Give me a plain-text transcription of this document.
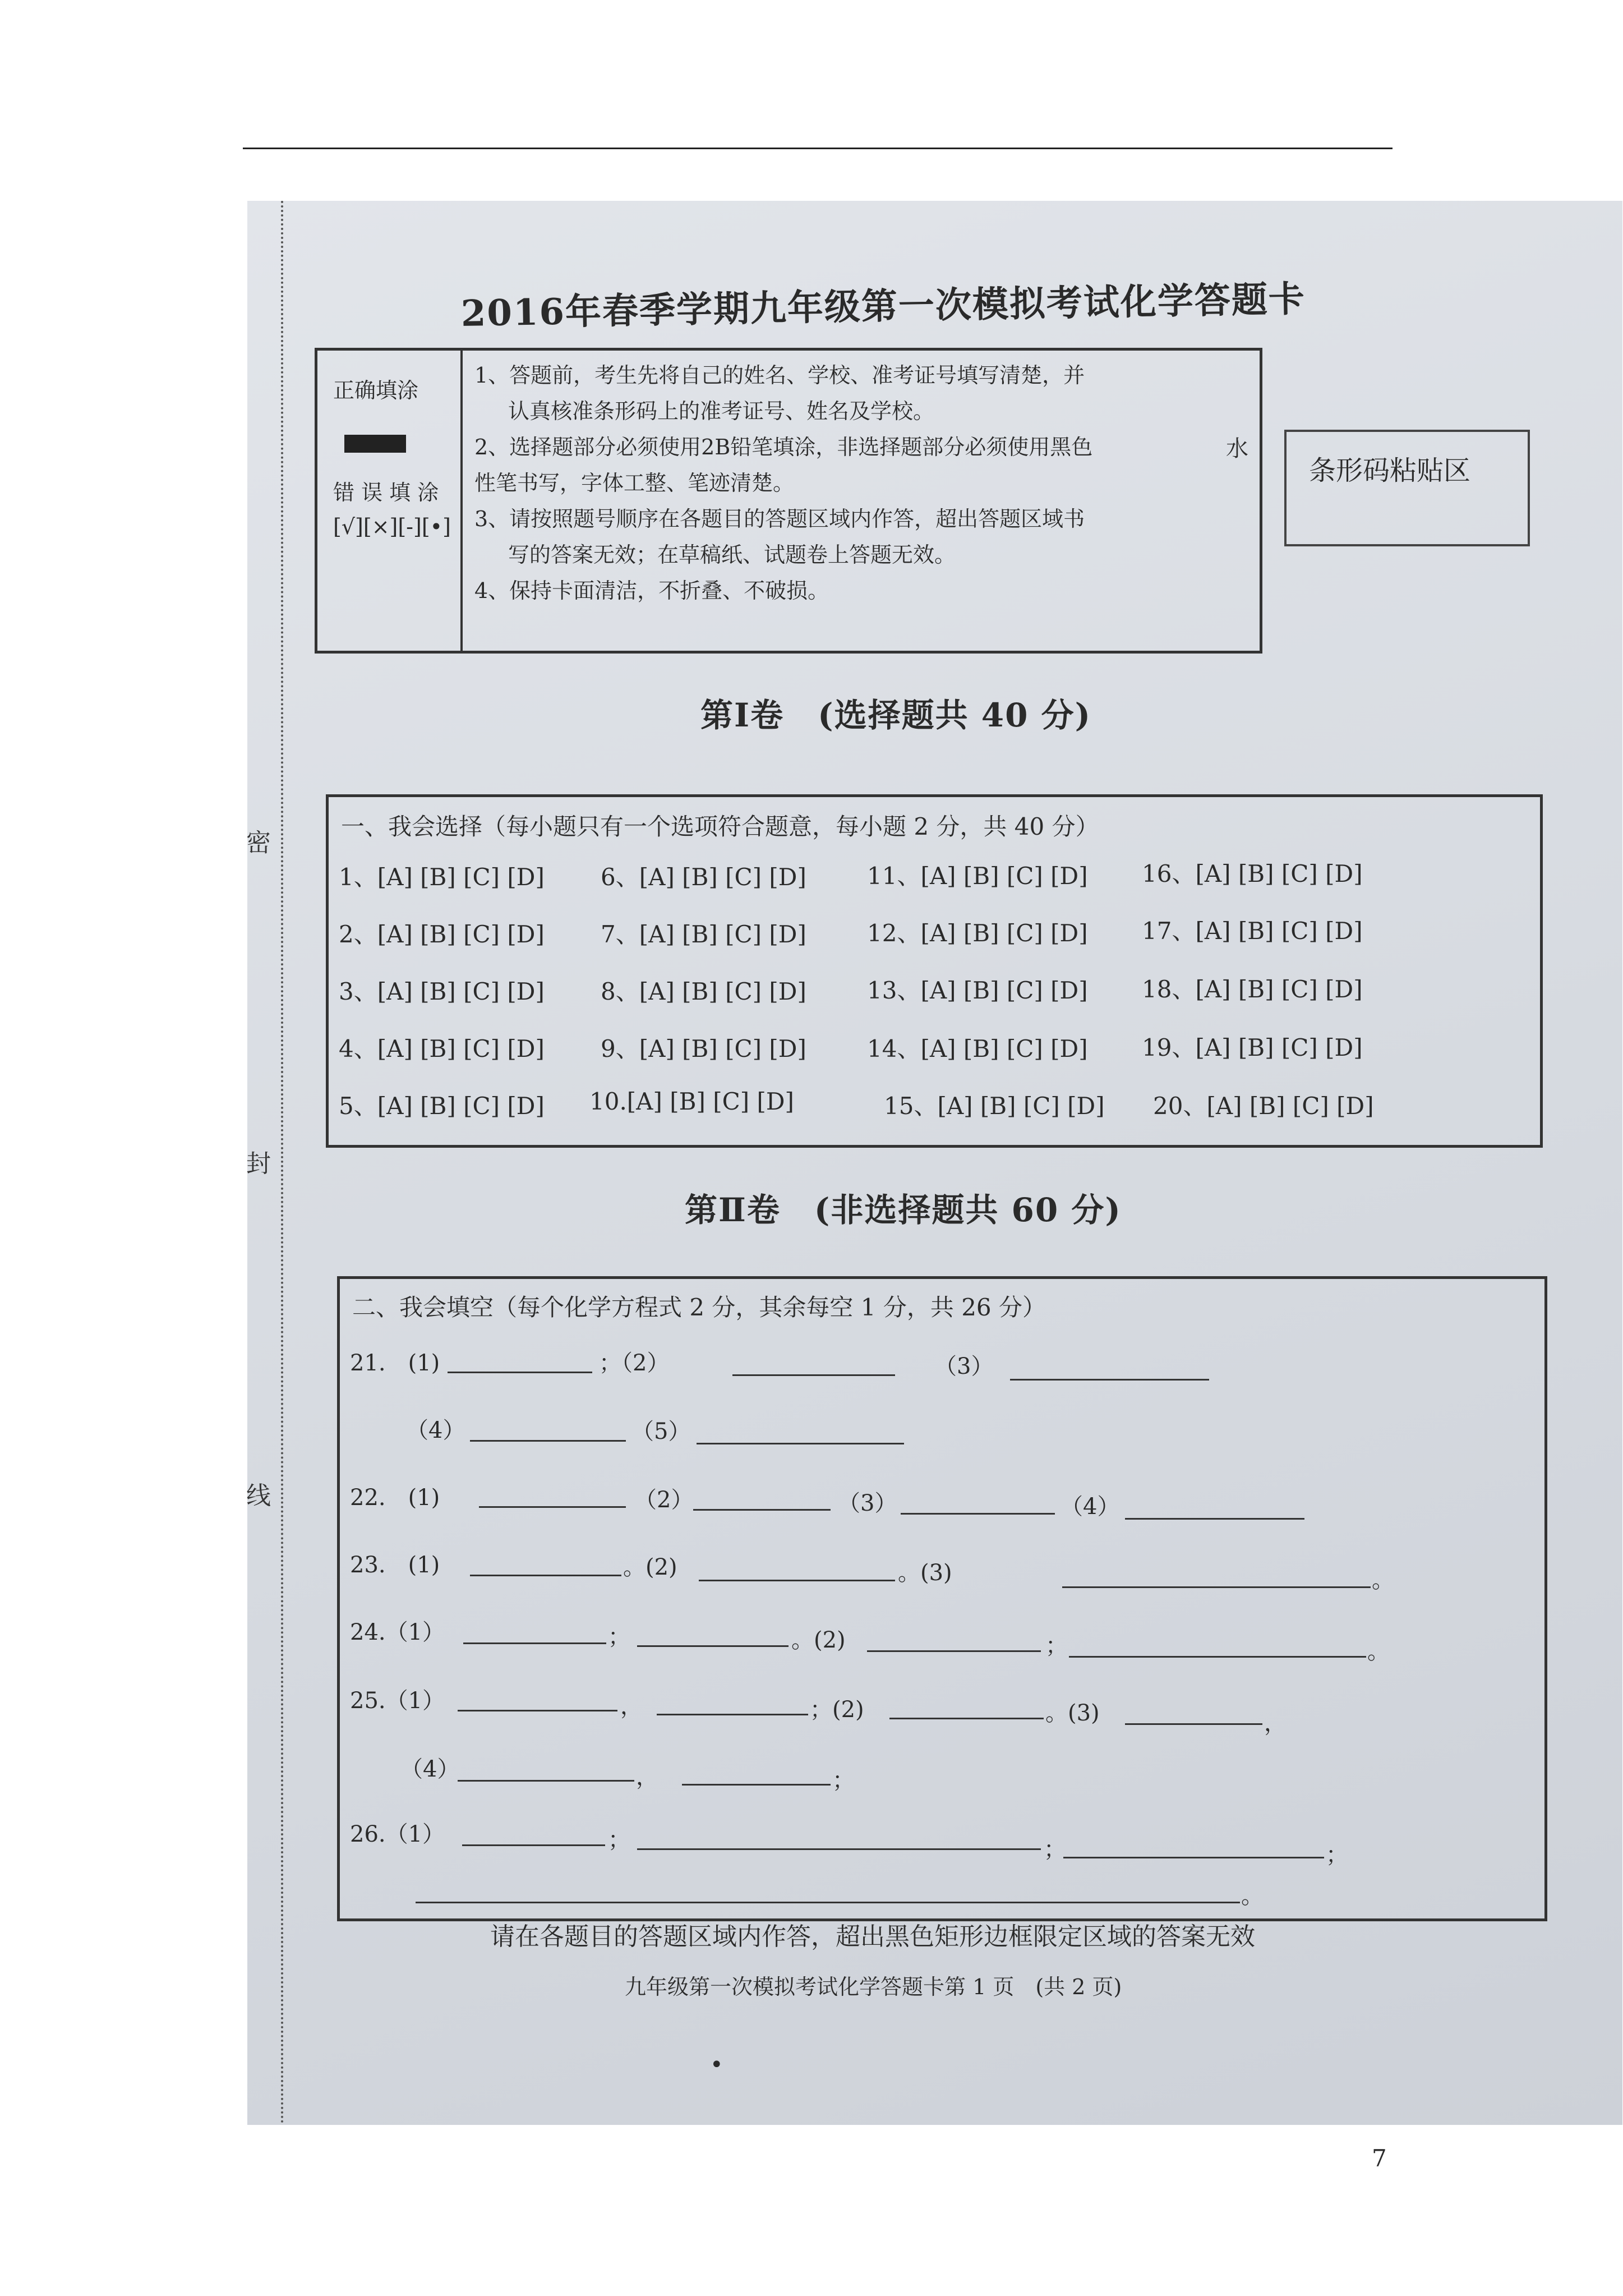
密
封
线
2016年春季学期九年级第一次模拟考试化学答题卡
正确填涂
错 误 填 涂
[√][×][-][•]
1、答题前，考生先将自己的姓名、学校、准考证号填写清楚，并
认真核准条形码上的准考证号、姓名及学校。
2、选择题部分必须使用2B铅笔填涂，非选择题部分必须使用黑色
性笔书写，字体工整、笔迹清楚。
3、请按照题号顺序在各题目的答题区域内作答，超出答题区域书
写的答案无效；在草稿纸、试题卷上答题无效。
4、保持卡面清洁，不折叠、不破损。
水
条形码粘贴区
第Ⅰ卷　(选择题共 40 分)
一、我会选择（每小题只有一个选项符合题意，每小题 2 分，共 40 分）
1、[A] [B] [C] [D] 6、[A] [B] [C] [D]	11、[A] [B] [C] [D] 16、[A] [B] [C] [D]
2、[A] [B] [C] [D] 7、[A] [B] [C] [D]	12、[A] [B] [C] [D] 17、[A] [B] [C] [D]
3、[A] [B] [C] [D] 8、[A] [B] [C] [D]	13、[A] [B] [C] [D] 18、[A] [B] [C] [D]
4、[A] [B] [C] [D] 9、[A] [B] [C] [D]	14、[A] [B] [C] [D] 19、[A] [B] [C] [D]
5、[A] [B] [C] [D] 10.[A] [B] [C] [D]	15、[A] [B] [C] [D] 20、[A] [B] [C] [D]
第Ⅱ卷　(非选择题共 60 分)
二、我会填空（每个化学方程式 2 分，其余每空 1 分，共 26 分）
21.　(1)	；（2）	（3）
（4）	（5）
22.　(1)	（2）	（3）	（4）
23.　(1)	。(2)	。(3)	。
24.（1）	；	。(2)	；	。
25.（1）	，	；(2)	。(3)	，
（4）	，	；
26.（1）	；	；	；
。
请在各题目的答题区域内作答，超出黑色矩形边框限定区域的答案无效
九年级第一次模拟考试化学答题卡第 1 页　(共 2 页)
•
7
